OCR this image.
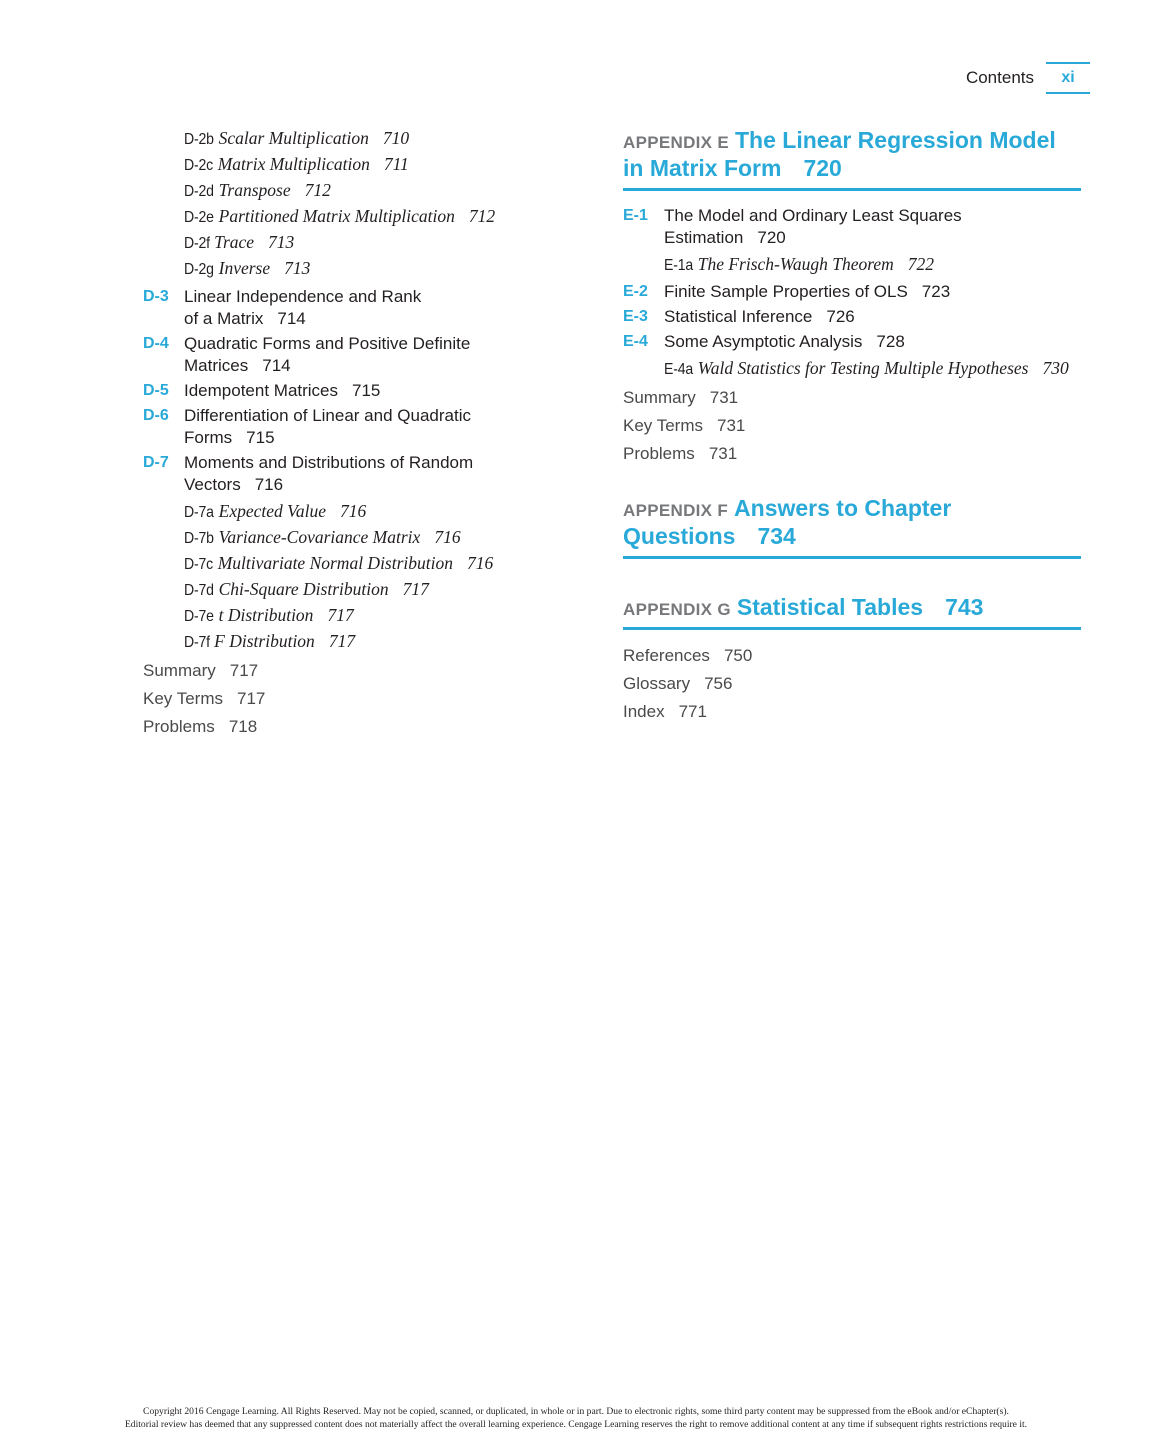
Contents	xi
D-2b Scalar Multiplication 710
D-2c Matrix Multiplication 711
D-2d Transpose 712
D-2e Partitioned Matrix Multiplication 712
D-2f Trace 713
D-2g Inverse 713
D-3 Linear Independence and Rank
of a Matrix 714
D-4 Quadratic Forms and Positive Definite
Matrices 714
D-5 Idempotent Matrices 715
D-6 Differentiation of Linear and Quadratic
Forms 715
D-7 Moments and Distributions of Random
Vectors 716
D-7a Expected Value 716
D-7b Variance-Covariance Matrix 716
D-7c Multivariate Normal Distribution 716
D-7d Chi-Square Distribution 717
D-7e t Distribution 717
D-7f F Distribution 717
Summary 717
Key Terms 717
Problems 718
APPENDIX E The Linear Regression Model
in Matrix Form 720
E-1 The Model and Ordinary Least Squares
Estimation 720
E-1a The Frisch-Waugh Theorem 722
E-2 Finite Sample Properties of OLS 723
E-3 Statistical Inference 726
E-4 Some Asymptotic Analysis 728
E-4a Wald Statistics for Testing Multiple Hypotheses 730
Summary 731
Key Terms 731
Problems 731
APPENDIX F Answers to Chapter
Questions 734
APPENDIX G Statistical Tables 743
References 750
Glossary 756
Index 771
Copyright 2016 Cengage Learning. All Rights Reserved. May not be copied, scanned, or duplicated, in whole or in part. Due to electronic rights, some third party content may be suppressed from the eBook and/or eChapter(s).
Editorial review has deemed that any suppressed content does not materially affect the overall learning experience. Cengage Learning reserves the right to remove additional content at any time if subsequent rights restrictions require it.
